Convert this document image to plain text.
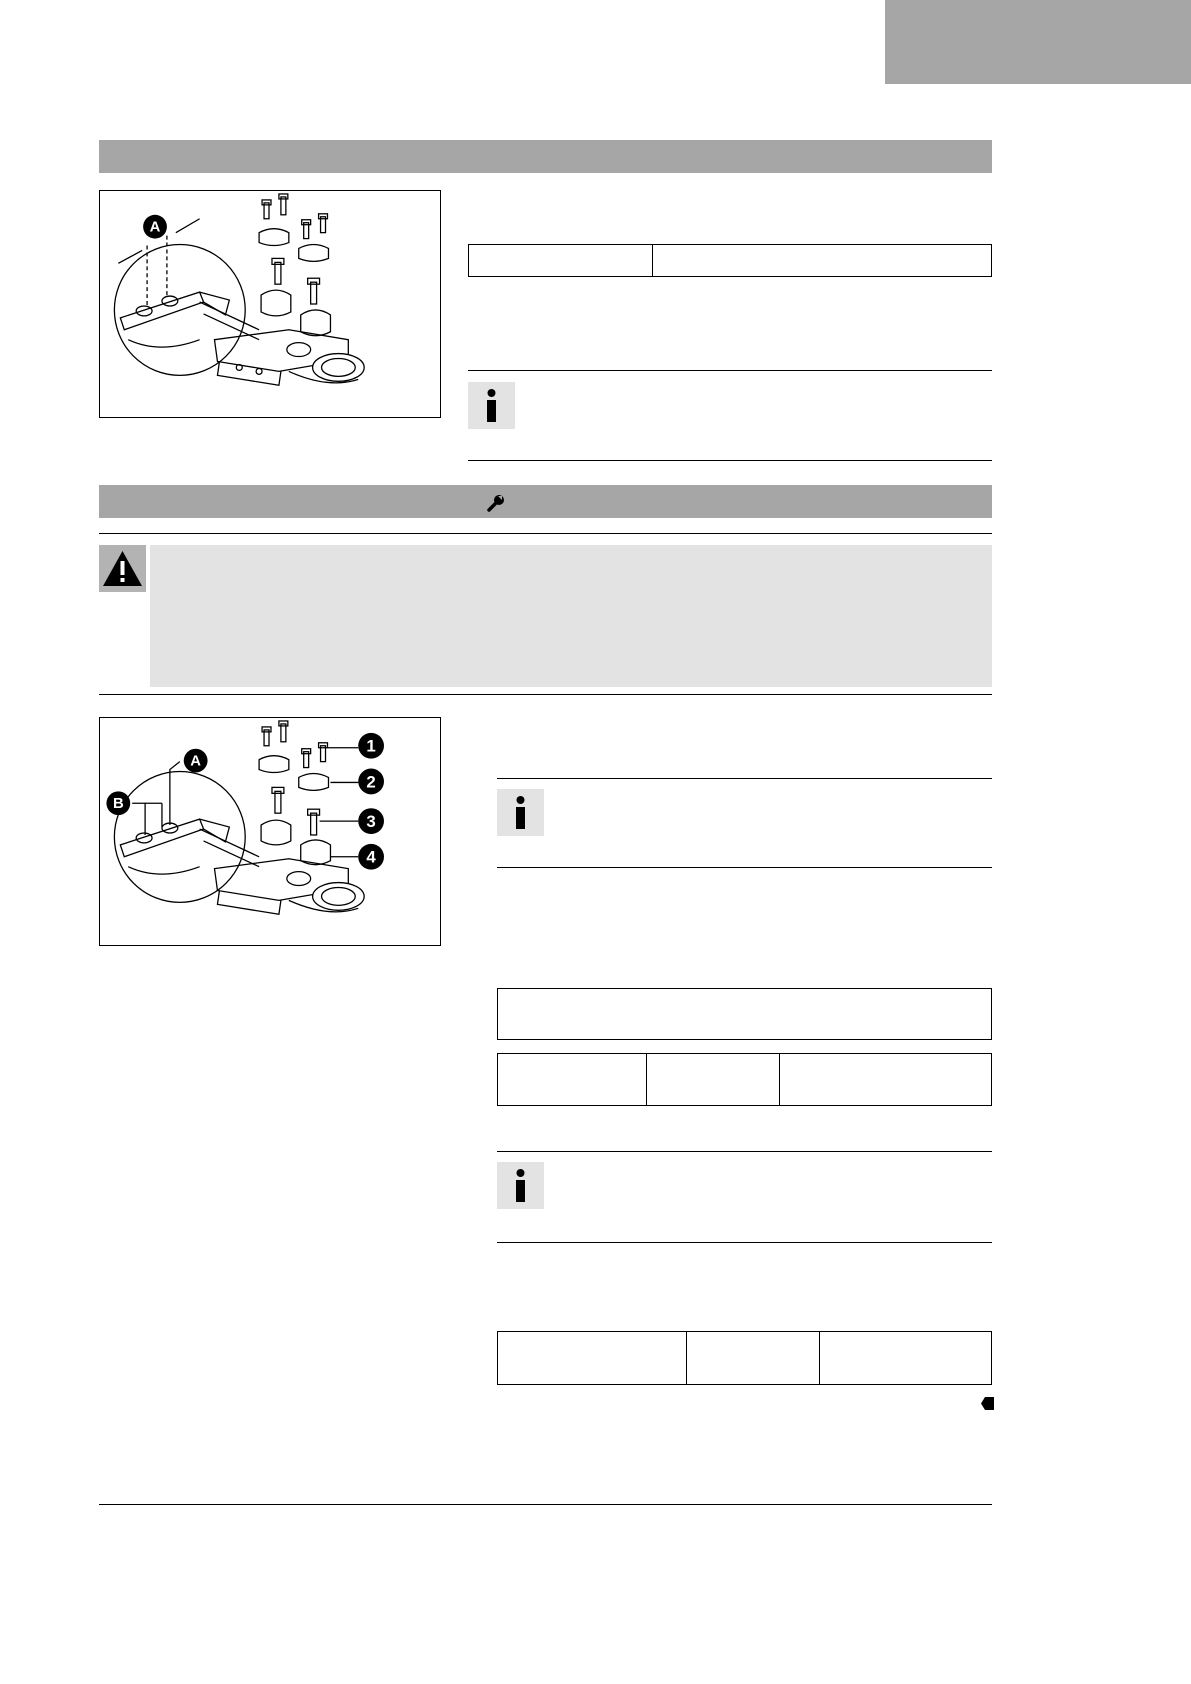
A
A
B
1
2
3
4
